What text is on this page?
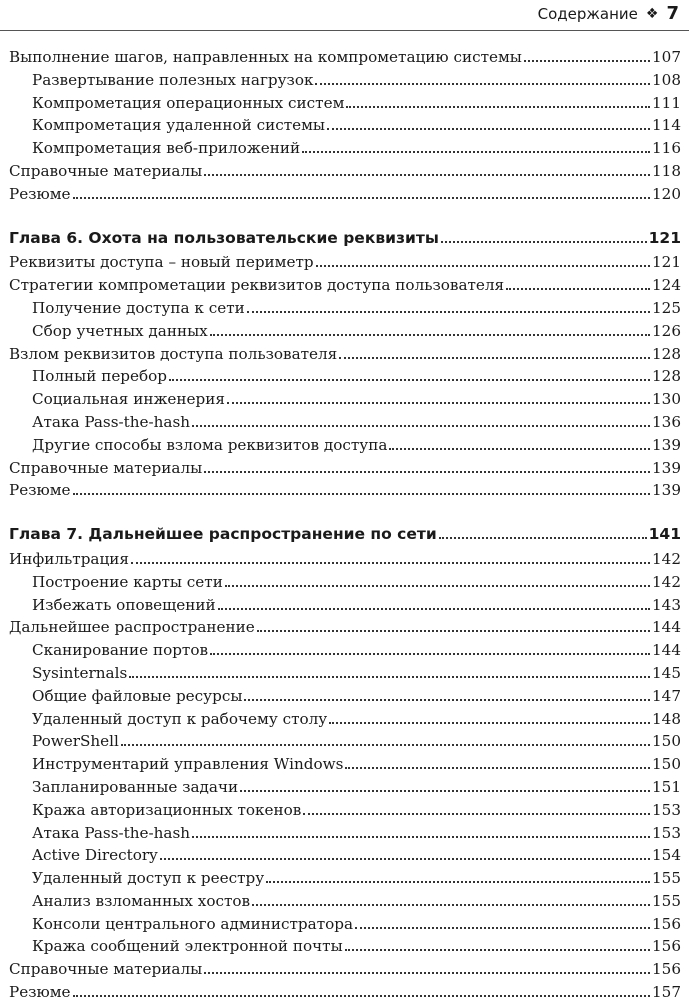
Содержание ❖ 7
Выполнение шагов, направленных на компрометацию системы	107
Развертывание полезных нагрузок	108
Компрометация операционных систем	111
Компрометация удаленной системы	114
Компрометация веб-приложений	116
Справочные материалы	118
Резюме	120
Глава 6. Охота на пользовательские реквизиты	121
Реквизиты доступа – новый периметр	121
Стратегии компрометации реквизитов доступа пользователя	124
Получение доступа к сети	125
Сбор учетных данных	126
Взлом реквизитов доступа пользователя	128
Полный перебор	128
Социальная инженерия	130
Атака Pass-the-hash	136
Другие способы взлома реквизитов доступа	139
Справочные материалы	139
Резюме	139
Глава 7. Дальнейшее распространение по сети	141
Инфильтрация	142
Построение карты сети	142
Избежать оповещений	143
Дальнейшее распространение	144
Сканирование портов	144
Sysinternals	145
Общие файловые ресурсы	147
Удаленный доступ к рабочему столу	148
PowerShell	150
Инструментарий управления Windows	150
Запланированные задачи	151
Кража авторизационных токенов	153
Атака Pass-the-hash	153
Active Directory	154
Удаленный доступ к реестру	155
Анализ взломанных хостов	155
Консоли центрального администратора	156
Кража сообщений электронной почты	156
Справочные материалы	156
Резюме	157
